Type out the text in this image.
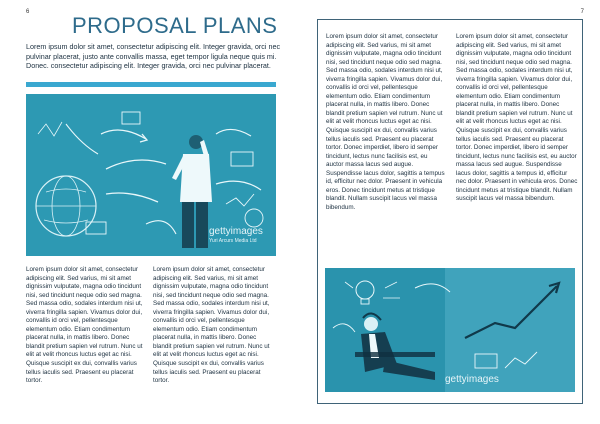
6
PROPOSAL PLANS
Lorem ipsum dolor sit amet, consectetur adipiscing elit. Integer gravida, orci nec pulvinar placerat, justo ante convallis massa, eget tempor ligula neque quis mi. Donec. consectetur adipiscing elit. Integer gravida, orci nec pulvinar placerat.
gettyimages
Yuri Arcurs Media Ltd
Lorem ipsum dolor sit amet, consectetur adipiscing elit. Sed varius, mi sit amet dignissim vulputate, magna odio tincidunt nisi, sed tincidunt neque odio sed magna. Sed massa odio, sodales interdum nisi ut, viverra fringilla sapien. Vivamus dolor dui, convallis id orci vel, pellentesque elementum odio. Etiam condimentum placerat nulla, in mattis libero. Donec blandit pretium sapien vel rutrum. Nunc ut elit at velit rhoncus luctus eget ac nisi. Quisque suscipit ex dui, convallis varius tellus iaculis sed. Praesent eu placerat tortor.
Lorem ipsum dolor sit amet, consectetur adipiscing elit. Sed varius, mi sit amet dignissim vulputate, magna odio tincidunt nisi, sed tincidunt neque odio sed magna. Sed massa odio, sodales interdum nisi ut, viverra fringilla sapien. Vivamus dolor dui, convallis id orci vel, pellentesque elementum odio. Etiam condimentum placerat nulla, in mattis libero. Donec blandit pretium sapien vel rutrum. Nunc ut elit at velit rhoncus luctus eget ac nisi. Quisque suscipit ex dui, convallis varius tellus iaculis sed. Praesent eu placerat tortor.
7
Lorem ipsum dolor sit amet, consectetur adipiscing elit. Sed varius, mi sit amet dignissim vulputate, magna odio tincidunt nisi, sed tincidunt neque odio sed magna. Sed massa odio, sodales interdum nisi ut, viverra fringilla sapien. Vivamus dolor dui, convallis id orci vel, pellentesque elementum odio. Etiam condimentum placerat nulla, in mattis libero. Donec blandit pretium sapien vel rutrum. Nunc ut elit at velit rhoncus luctus eget ac nisi. Quisque suscipit ex dui, convallis varius tellus iaculis sed. Praesent eu placerat tortor. Donec imperdiet, libero id semper tincidunt, lectus nunc facilisis est, eu auctor massa lacus sed augue. Suspendisse lacus dolor, sagittis a tempus id, efficitur nec dolor. Praesent in vehicula eros. Donec tincidunt metus at tristique blandit. Nullam suscipit lacus vel massa bibendum.
Lorem ipsum dolor sit amet, consectetur adipiscing elit. Sed varius, mi sit amet dignissim vulputate, magna odio tincidunt nisi, sed tincidunt neque odio sed magna. Sed massa odio, sodales interdum nisi ut, viverra fringilla sapien. Vivamus dolor dui, convallis id orci vel, pellentesque elementum odio. Etiam condimentum placerat nulla, in mattis libero. Donec blandit pretium sapien vel rutrum. Nunc ut elit at velit rhoncus luctus eget ac nisi. Quisque suscipit ex dui, convallis varius tellus iaculis sed. Praesent eu placerat tortor. Donec imperdiet, libero id semper tincidunt, lectus nunc facilisis est, eu auctor massa lacus sed augue. Suspendisse lacus dolor, sagittis a tempus id, efficitur nec dolor. Praesent in vehicula eros. Donec tincidunt metus at tristique blandit. Nullam suscipit lacus vel massa bibendum.
gettyimages
